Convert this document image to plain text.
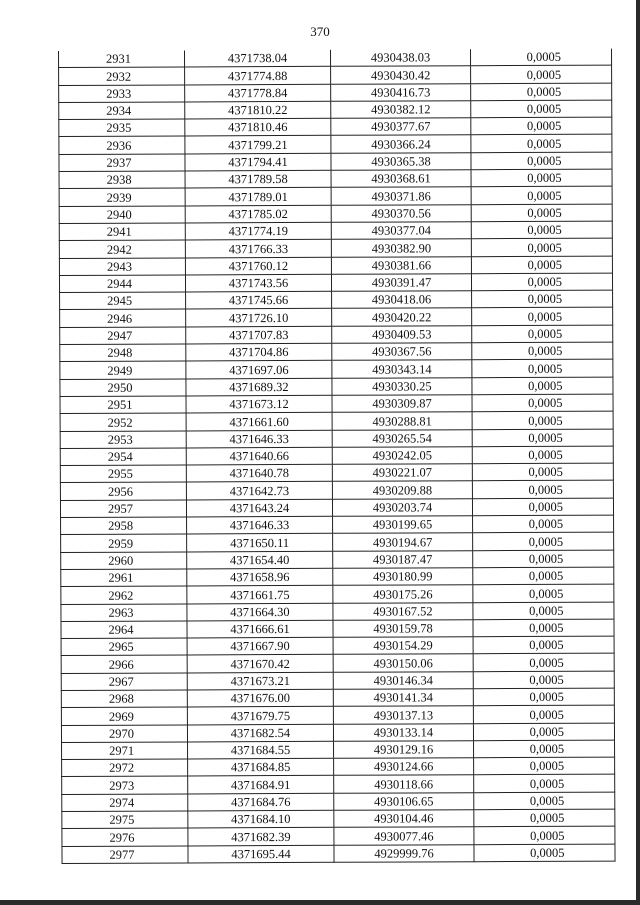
370
2931	4371738.04	4930438.03	0,0005
2932	4371774.88	4930430.42	0,0005
2933	4371778.84	4930416.73	0,0005
2934	4371810.22	4930382.12	0,0005
2935	4371810.46	4930377.67	0,0005
2936	4371799.21	4930366.24	0,0005
2937	4371794.41	4930365.38	0,0005
2938	4371789.58	4930368.61	0,0005
2939	4371789.01	4930371.86	0,0005
2940	4371785.02	4930370.56	0,0005
2941	4371774.19	4930377.04	0,0005
2942	4371766.33	4930382.90	0,0005
2943	4371760.12	4930381.66	0,0005
2944	4371743.56	4930391.47	0,0005
2945	4371745.66	4930418.06	0,0005
2946	4371726.10	4930420.22	0,0005
2947	4371707.83	4930409.53	0,0005
2948	4371704.86	4930367.56	0,0005
2949	4371697.06	4930343.14	0,0005
2950	4371689.32	4930330.25	0,0005
2951	4371673.12	4930309.87	0,0005
2952	4371661.60	4930288.81	0,0005
2953	4371646.33	4930265.54	0,0005
2954	4371640.66	4930242.05	0,0005
2955	4371640.78	4930221.07	0,0005
2956	4371642.73	4930209.88	0,0005
2957	4371643.24	4930203.74	0,0005
2958	4371646.33	4930199.65	0,0005
2959	4371650.11	4930194.67	0,0005
2960	4371654.40	4930187.47	0,0005
2961	4371658.96	4930180.99	0,0005
2962	4371661.75	4930175.26	0,0005
2963	4371664.30	4930167.52	0,0005
2964	4371666.61	4930159.78	0,0005
2965	4371667.90	4930154.29	0,0005
2966	4371670.42	4930150.06	0,0005
2967	4371673.21	4930146.34	0,0005
2968	4371676.00	4930141.34	0,0005
2969	4371679.75	4930137.13	0,0005
2970	4371682.54	4930133.14	0,0005
2971	4371684.55	4930129.16	0,0005
2972	4371684.85	4930124.66	0,0005
2973	4371684.91	4930118.66	0,0005
2974	4371684.76	4930106.65	0,0005
2975	4371684.10	4930104.46	0,0005
2976	4371682.39	4930077.46	0,0005
2977	4371695.44	4929999.76	0,0005
